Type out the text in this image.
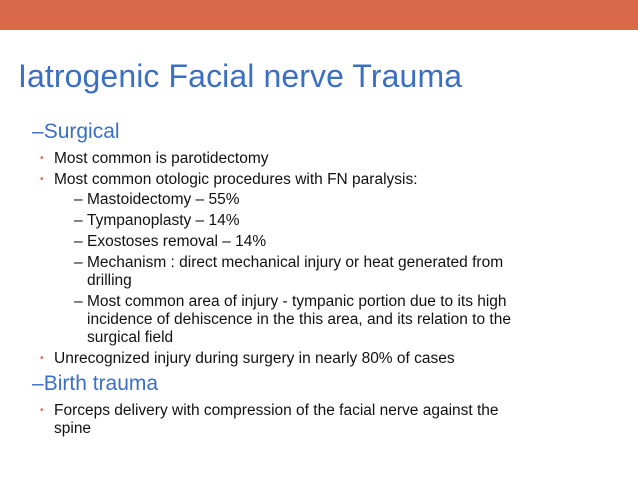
Iatrogenic Facial nerve Trauma
–Surgical
• Most common is parotidectomy
• Most common otologic procedures with FN paralysis:
– Mastoidectomy – 55%
– Tympanoplasty – 14%
– Exostoses removal – 14%
– Mechanism : direct mechanical injury or heat generated from
drilling
– Most common area of injury - tympanic portion due to its high
incidence of dehiscence in the this area, and its relation to the
surgical field
• Unrecognized injury during surgery in nearly 80% of cases
–Birth trauma
• Forceps delivery with compression of the facial nerve against the
spine
